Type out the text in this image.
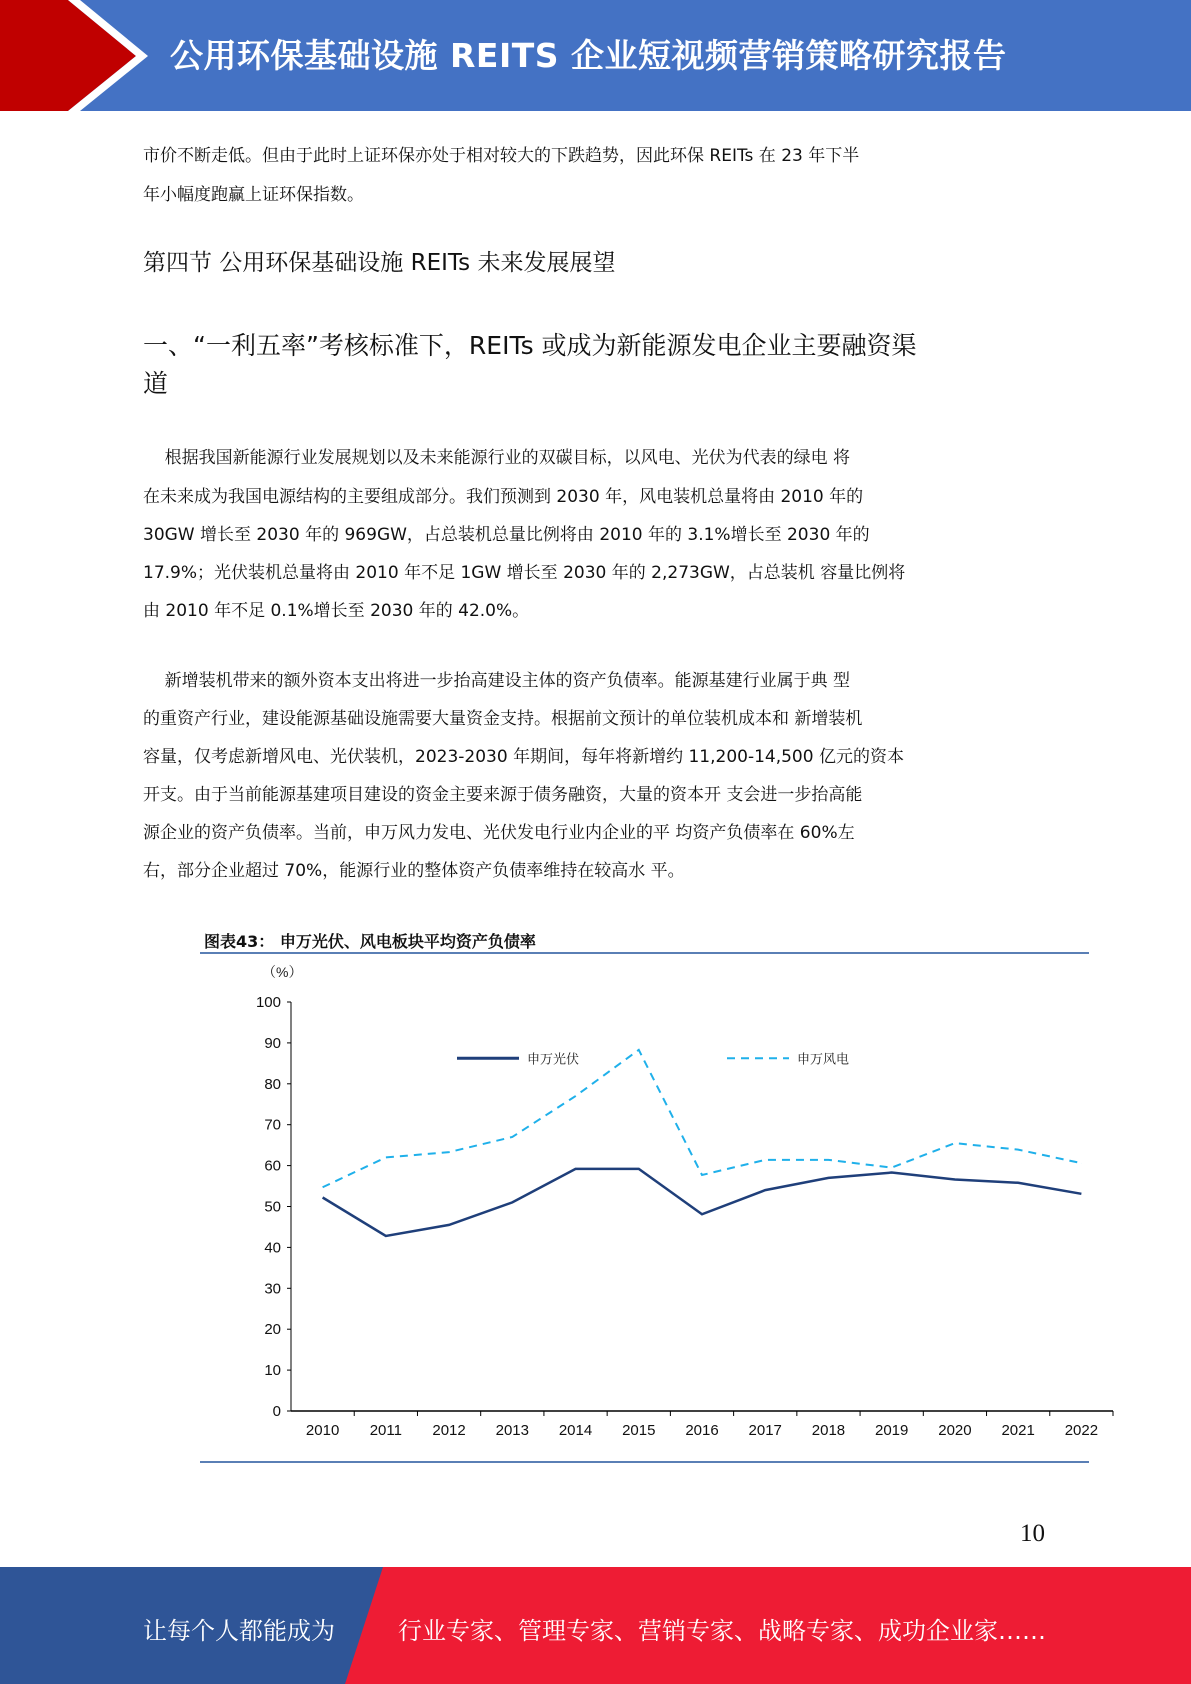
公用环保基础设施 REITS 企业短视频营销策略研究报告
市价不断走低。但由于此时上证环保亦处于相对较大的下跌趋势，因此环保 REITs 在 23 年下半
年小幅度跑赢上证环保指数。
第四节 公用环保基础设施 REITs 未来发展展望
一、“一利五率”考核标准下，REITs 或成为新能源发电企业主要融资渠
道
根据我国新能源行业发展规划以及未来能源行业的双碳目标，以风电、光伏为代表的绿电 将
在未来成为我国电源结构的主要组成部分。我们预测到 2030 年，风电装机总量将由 2010 年的
30GW 增长至 2030 年的 969GW，占总装机总量比例将由 2010 年的 3.1%增长至 2030 年的
17.9%；光伏装机总量将由 2010 年不足 1GW 增长至 2030 年的 2,273GW，占总装机 容量比例将
由 2010 年不足 0.1%增长至 2030 年的 42.0%。
新增装机带来的额外资本支出将进一步抬高建设主体的资产负债率。能源基建行业属于典 型
的重资产行业，建设能源基础设施需要大量资金支持。根据前文预计的单位装机成本和 新增装机
容量，仅考虑新增风电、光伏装机，2023-2030 年期间，每年将新增约 11,200-14,500 亿元的资本
开支。由于当前能源基建项目建设的资金主要来源于债务融资，大量的资本开 支会进一步抬高能
源企业的资产负债率。当前，申万风力发电、光伏发电行业内企业的平 均资产负债率在 60%左
右，部分企业超过 70%，能源行业的整体资产负债率维持在较高水 平。
图表43： 申万光伏、风电板块平均资产负债率
（%）
0
10
20
30
40
50
60
70
80
90
100
2010 2011 2012 2013 2014 2015 2016 2017 2018 2019 2020 2021 2022
申万光伏	申万风电
10
让每个人都能成为	行业专家、管理专家、营销专家、战略专家、成功企业家……
